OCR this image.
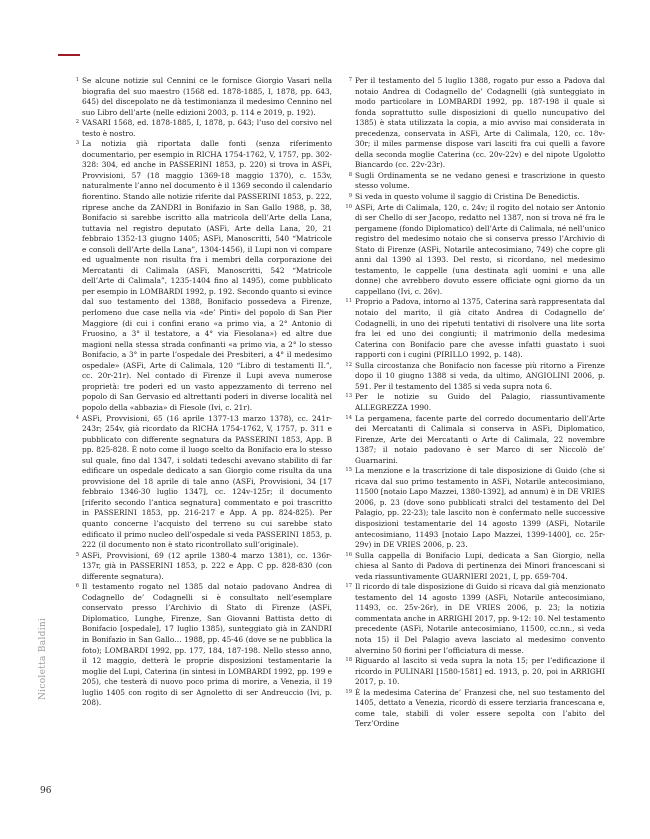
1 Se alcune notizie sul Cennini ce le fornisce Giorgio Vasari nella biografia del suo maestro (1568 ed. 1878-1885, I, 1878, pp. 643, 645) del discepolato ne dà testimonianza il medesimo Cennino nel suo Libro dell’arte (nelle edizioni 2003, p. 114 e 2019, p. 192).

2 VASARI 1568, ed. 1878-1885, I, 1878, p. 643; l’uso del corsivo nel testo è nostro.

3 La notizia già riportata dalle fonti (senza riferimento documentario, per esempio in RICHA 1754-1762, V, 1757, pp. 302-328: 304, ed anche in PASSERINI 1853, p. 220) si trova in ASFi, Provvisioni, 57 (18 maggio 1369-18 maggio 1370), c. 153v, naturalmente l’anno nel documento è il 1369 secondo il calendario fiorentino. Stando alle notizie riferite dal PASSERINI 1853, p. 222, riprese anche da ZANDRI in Bonifazio in San Gallo 1988, p. 38, Bonifacio si sarebbe iscritto alla matricola dell’Arte della Lana, tuttavia nel registro deputato (ASFi, Arte della Lana, 20, 21 febbraio 1352-13 giugno 1405; ASFi, Manoscritti, 540 “Matricole e consoli dell’Arte della Lana”, 1304-1456), il Lupi non vi compare ed ugualmente non risulta fra i membri della corporazione dei Mercatanti di Calimala (ASFi, Manoscritti, 542 “Matricole dell’Arte di Calimala”, 1235-1404 fino al 1495), come pubblicato per esempio in LOMBARDI 1992, p. 192. Secondo quanto si evince dal suo testamento del 1388, Bonifacio possedeva a Firenze, perlomeno due case nella via «de’ Pinti» del popolo di San Pier Maggiore (di cui i confini erano «a primo via, a 2° Antonio di Fruosino, a 3° il testatore, a 4° via Fiesolana») ed altre due magioni nella stessa strada confinanti «a primo via, a 2° lo stesso Bonifacio, a 3° in parte l’ospedale dei Presbiteri, a 4° il medesimo ospedale» (ASFi, Arte di Calimala, 120 “Libro di testamenti II.”, cc. 20r-21r). Nel contado di Firenze il Lupi aveva numerose proprietà: tre poderi ed un vasto appezzamento di terreno nel popolo di San Gervasio ed altrettanti poderi in diverse località nel popolo della «abbazia» di Fiesole (Ivi, c. 21r).

4 ASFi, Provvisioni, 65 (16 aprile 1377-13 marzo 1378), cc. 241r-243r; 254v, già ricordato da RICHA 1754-1762, V, 1757, p. 311 e pubblicato con differente segnatura da PASSERINI 1853, App. B pp. 825-828. È noto come il luogo scelto da Bonifacio era lo stesso sul quale, fino dal 1347, i soldati tedeschi avevano stabilito di far edificare un ospedale dedicato a san Giorgio come risulta da una provvisione del 18 aprile di tale anno (ASFi, Provvisioni, 34 [17 febbraio 1346-30 luglio 1347], cc. 124v-125r; il documento [riferito secondo l’antica segnatura] commentato e poi trascritto in PASSERINI 1853, pp. 216-217 e App. A pp. 824-825). Per quanto concerne l’acquisto del terreno su cui sarebbe stato edificato il primo nucleo dell’ospedale si veda PASSERINI 1853, p. 222 (il documento non è stato ricontrollato sull’originale).

5 ASFi, Provvisioni, 69 (12 aprile 1380-4 marzo 1381), cc. 136r-137r, già in PASSERINI 1853, p. 222 e App. C pp. 828-830 (con differente segnatura).

6 Il testamento rogato nel 1385 dal notaio padovano Andrea di Codagnello de’ Codagnelli si è consultato nell’esemplare conservato presso l’Archivio di Stato di Firenze (ASFi, Diplomatico, Lunghe, Firenze, San Giovanni Battista detto di Bonifacio [ospedale], 17 luglio 1385), sunteggiato già in ZANDRI in Bonifazio in San Gallo… 1988, pp. 45-46 (dove se ne pubblica la foto); LOMBARDI 1992, pp. 177, 184, 187-198. Nello stesso anno, il 12 maggio, detterà le proprie disposizioni testamentarie la moglie del Lupi, Caterina (in sintesi in LOMBARDI 1992, pp. 199 e 205), che testerà di nuovo poco prima di morire, a Venezia, il 19 luglio 1405 con rogito di ser Agnoletto di ser Andreuccio (Ivi, p. 208).

7 Per il testamento del 5 luglio 1388, rogato pur esso a Padova dal notaio Andrea di Codagnello de’ Codagnelli (già sunteggiato in modo particolare in LOMBARDI 1992, pp. 187-198 il quale si fonda soprattutto sulle disposizioni di quello nuncupativo del 1385) è stata utilizzata la copia, a mio avviso mai considerata in precedenza, conservata in ASFi, Arte di Calimala, 120, cc. 18v-30r; il miles parmense dispose vari lasciti fra cui quelli a favore della seconda moglie Caterina (cc. 20v-22v) e del nipote Ugolotto Biancardo (cc. 22v-23r).

8 Sugli Ordinamenta se ne vedano genesi e trascrizione in questo stesso volume.

9 Si veda in questo volume il saggio di Cristina De Benedictis.

10 ASFi, Arte di Calimala, 120, c. 24v; il rogito del notaio ser Antonio di ser Chello di ser Jacopo, redatto nel 1387, non si trova né fra le pergamene (fondo Diplomatico) dell’Arte di Calimala, né nell’unico registro del medesimo notaio che si conserva presso l’Archivio di Stato di Firenze (ASFi, Notarile antecosimiano, 749) che copre gli anni dal 1390 al 1393. Del resto, si ricordano, nel medesimo testamento, le cappelle (una destinata agli uomini e una alle donne) che avrebbero dovuto essere officiate ogni giorno da un cappellano (Ivi, c. 26v).

11 Proprio a Padova, intorno al 1375, Caterina sarà rappresentata dal notaio del marito, il già citato Andrea di Codagnello de’ Codagnelli, in uno dei ripetuti tentativi di risolvere una lite sorta fra lei ed uno dei congiunti; il matrimonio della medesima Caterina con Bonifacio pare che avesse infatti guastato i suoi rapporti con i cugini (PIRILLO 1992, p. 148).

12 Sulla circostanza che Bonifacio non facesse più ritorno a Firenze dopo il 10 giugno 1388 si veda, da ultimo, ANGIOLINI 2006, p. 591. Per il testamento del 1385 si veda supra nota 6.

13 Per le notizie su Guido del Palagio, riassuntivamente ALLEGREZZA 1990.

14 La pergamena, facente parte del corredo documentario dell’Arte dei Mercatanti di Calimala si conserva in ASFi, Diplomatico, Firenze, Arte dei Mercatanti o Arte di Calimala, 22 novembre 1387; il notaio padovano è ser Marco di ser Niccolò de’ Guarnarini.

15 La menzione e la trascrizione di tale disposizione di Guido (che si ricava dal suo primo testamento in ASFi, Notarile antecosimiano, 11500 [notaio Lapo Mazzei, 1380-1392], ad annum) è in DE VRIES 2006, p. 23 (dove sono pubblicati stralci del testamento del Del Palagio, pp. 22-23); tale lascito non è confermato nelle successive disposizioni testamentarie del 14 agosto 1399 (ASFi, Notarile antecosimiano, 11493 [notaio Lapo Mazzei, 1399-1400], cc. 25r-29v) in DE VRIES 2006, p. 23.

16 Sulla cappella di Bonifacio Lupi, dedicata a San Giorgio, nella chiesa al Santo di Padova di pertinenza dei Minori francescani si veda riassuntivamente GUARNIERI 2021, I, pp. 659-704.

17 Il ricordo di tale disposizione di Guido si ricava dal già menzionato testamento del 14 agosto 1399 (ASFi, Notarile antecosimiano, 11493, cc. 25v-26r), in DE VRIES 2006, p. 23; la notizia commentata anche in ARRIGHI 2017, pp. 9-12: 10. Nel testamento precedente (ASFi, Notarile antecosimiano, 11500, cc.nn., si veda nota 15) il Del Palagio aveva lasciato al medesimo convento alvernino 50 fiorini per l’officiatura di messe.

18 Riguardo al lascito si veda supra la nota 15; per l’edificazione il ricordo in PULINARI [1580-1581] ed. 1913, p. 20, poi in ARRIGHI 2017, p. 10.

19 È la medesima Caterina de’ Franzesi che, nel suo testamento del 1405, dettato a Venezia, ricordò di essere terziaria francescana e, come tale, stabilì di voler essere sepolta con l’abito del Terz’Ordine

Nicoletta Baldini
96
